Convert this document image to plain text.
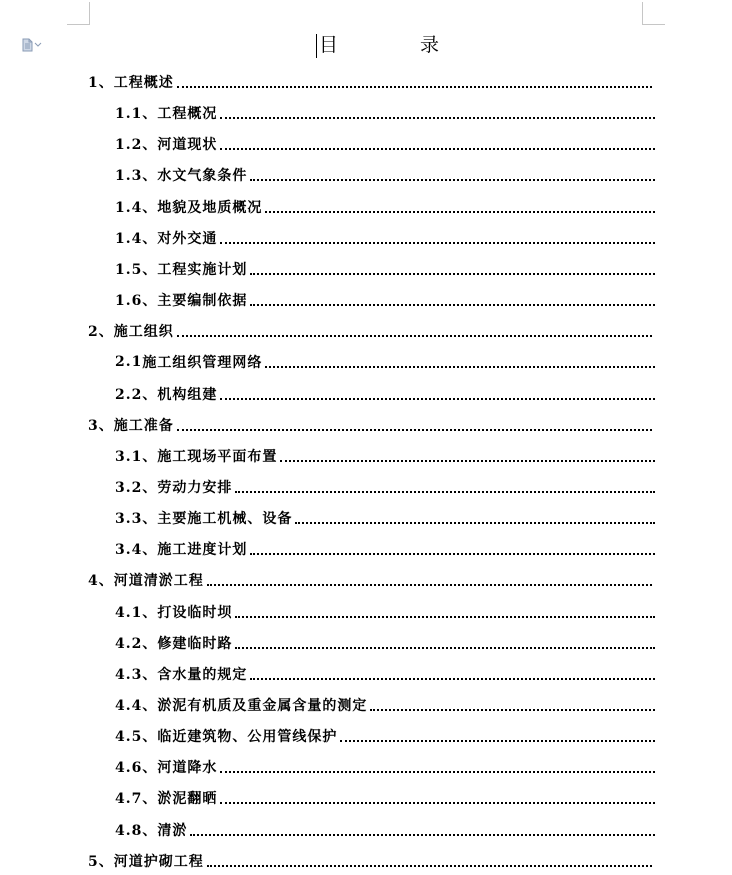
目 录
1、 工程概述
1.1、 工程概况
1.2、 河道现状
1.3、 水文气象条件
1.4、 地貌及地质概况
1.4、 对外交通
1.5、 工程实施计划
1.6、 主要编制依据
2、 施工组织
2.1 施工组织管理网络
2.2、 机构组建
3、 施工准备
3.1、 施工现场平面布置
3.2、 劳动力安排
3.3、 主要施工机械、设备
3.4、 施工进度计划
4、 河道清淤工程
4.1、 打设临时坝
4.2、 修建临时路
4.3、 含水量的规定
4.4、 淤泥有机质及重金属含量的测定
4.5、 临近建筑物、公用管线保护
4.6、 河道降水
4.7、 淤泥翻晒
4.8、 清淤
5、 河道护砌工程
